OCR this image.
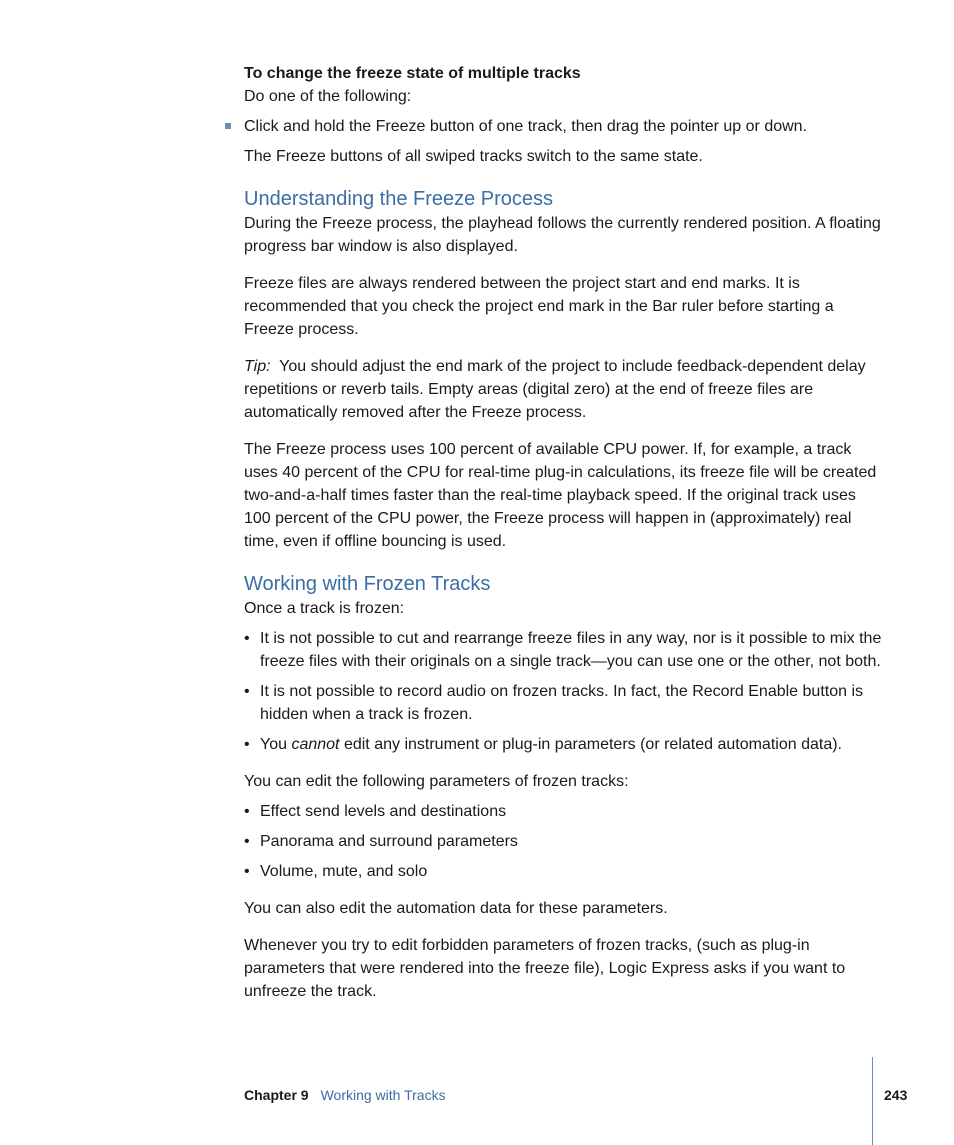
To change the freeze state of multiple tracks

Do one of the following:

Click and hold the Freeze button of one track, then drag the pointer up or down.

The Freeze buttons of all swiped tracks switch to the same state.

Understanding the Freeze Process

During the Freeze process, the playhead follows the currently rendered position. A floating progress bar window is also displayed.

Freeze files are always rendered between the project start and end marks. It is recommended that you check the project end mark in the Bar ruler before starting a Freeze process.

Tip: You should adjust the end mark of the project to include feedback-dependent delay repetitions or reverb tails. Empty areas (digital zero) at the end of freeze files are automatically removed after the Freeze process.

The Freeze process uses 100 percent of available CPU power. If, for example, a track uses 40 percent of the CPU for real-time plug-in calculations, its freeze file will be created two-and-a-half times faster than the real-time playback speed. If the original track uses 100 percent of the CPU power, the Freeze process will happen in (approximately) real time, even if offline bouncing is used.

Working with Frozen Tracks

Once a track is frozen:

• It is not possible to cut and rearrange freeze files in any way, nor is it possible to mix the freeze files with their originals on a single track—you can use one or the other, not both.
• It is not possible to record audio on frozen tracks. In fact, the Record Enable button is hidden when a track is frozen.
• You cannot edit any instrument or plug-in parameters (or related automation data).

You can edit the following parameters of frozen tracks:

• Effect send levels and destinations
• Panorama and surround parameters
• Volume, mute, and solo

You can also edit the automation data for these parameters.

Whenever you try to edit forbidden parameters of frozen tracks, (such as plug-in parameters that were rendered into the freeze file), Logic Express asks if you want to unfreeze the track.

Chapter 9 Working with Tracks	243
